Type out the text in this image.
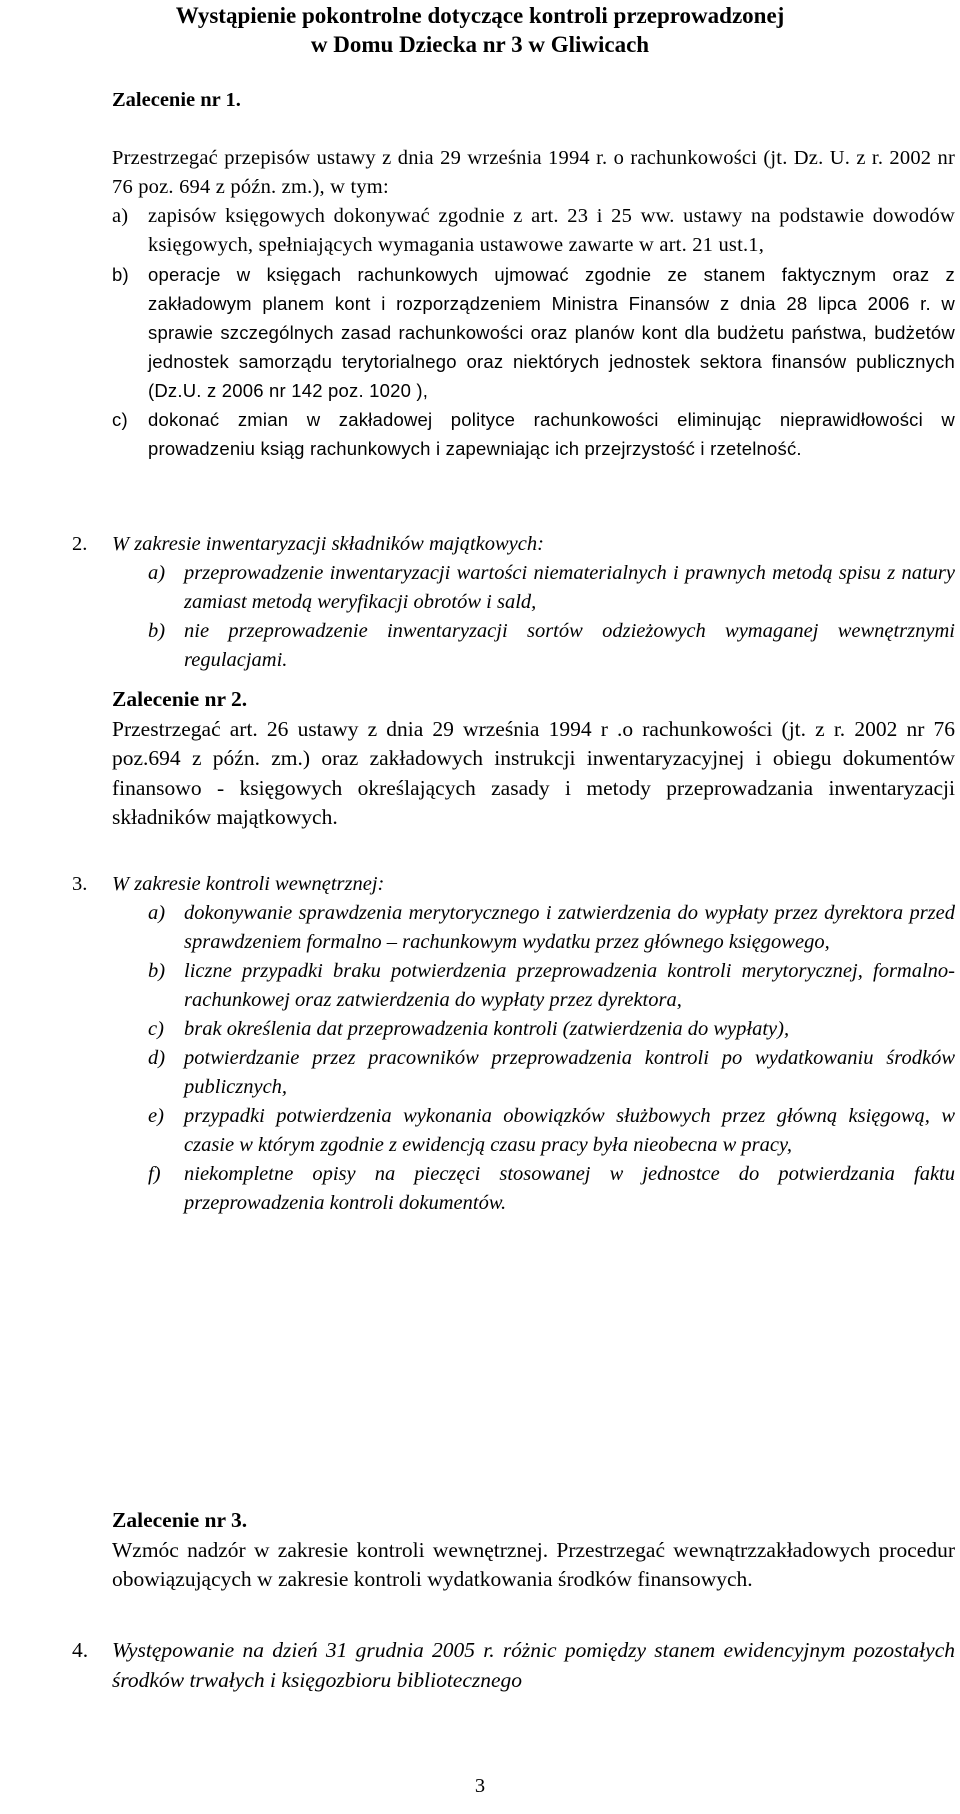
Wystąpienie pokontrolne dotyczące kontroli przeprowadzonej
w Domu Dziecka nr 3 w Gliwicach
Zalecenie nr 1.
Przestrzegać przepisów ustawy z dnia 29 września 1994 r. o rachunkowości (jt. Dz. U. z r. 2002 nr 76 poz. 694 z późn. zm.), w tym:
a) zapisów księgowych dokonywać zgodnie z art. 23 i 25 ww. ustawy na podstawie dowodów księgowych, spełniających wymagania ustawowe zawarte w art. 21 ust.1,
b) operacje w księgach rachunkowych ujmować zgodnie ze stanem faktycznym oraz z zakładowym planem kont i rozporządzeniem Ministra Finansów z dnia 28 lipca 2006 r. w sprawie szczególnych zasad rachunkowości oraz planów kont dla budżetu państwa, budżetów jednostek samorządu terytorialnego oraz niektórych jednostek sektora finansów publicznych (Dz.U. z 2006 nr 142 poz. 1020 ),
c) dokonać zmian w zakładowej polityce rachunkowości eliminując nieprawidłowości w prowadzeniu ksiąg rachunkowych i zapewniając ich przejrzystość i rzetelność.
2. W zakresie inwentaryzacji składników majątkowych:
a) przeprowadzenie inwentaryzacji wartości niematerialnych i prawnych metodą spisu z natury zamiast metodą weryfikacji obrotów i sald,
b) nie przeprowadzenie inwentaryzacji sortów odzieżowych wymaganej wewnętrznymi regulacjami.
Zalecenie nr 2.
Przestrzegać art. 26 ustawy z dnia 29 września 1994 r .o rachunkowości (jt. z r. 2002 nr 76 poz.694 z późn. zm.) oraz zakładowych instrukcji inwentaryzacyjnej i obiegu dokumentów finansowo - księgowych określających zasady i metody przeprowadzania inwentaryzacji składników majątkowych.
3. W zakresie kontroli wewnętrznej:
a) dokonywanie sprawdzenia merytorycznego i zatwierdzenia do wypłaty przez dyrektora przed sprawdzeniem formalno – rachunkowym wydatku przez głównego księgowego,
b) liczne przypadki braku potwierdzenia przeprowadzenia kontroli merytorycznej, formalno-rachunkowej oraz zatwierdzenia do wypłaty przez dyrektora,
c) brak określenia dat przeprowadzenia kontroli (zatwierdzenia do wypłaty),
d) potwierdzanie przez pracowników przeprowadzenia kontroli po wydatkowaniu środków publicznych,
e) przypadki potwierdzenia wykonania obowiązków służbowych przez główną księgową, w czasie w którym zgodnie z ewidencją czasu pracy była nieobecna w pracy,
f) niekompletne opisy na pieczęci stosowanej w jednostce do potwierdzania faktu przeprowadzenia kontroli dokumentów.
Zalecenie nr 3.
Wzmóc nadzór w zakresie kontroli wewnętrznej. Przestrzegać wewnątrzzakładowych procedur obowiązujących w zakresie kontroli wydatkowania środków finansowych.
4. Występowanie na dzień 31 grudnia 2005 r. różnic pomiędzy stanem ewidencyjnym pozostałych środków trwałych i księgozbioru bibliotecznego
3
